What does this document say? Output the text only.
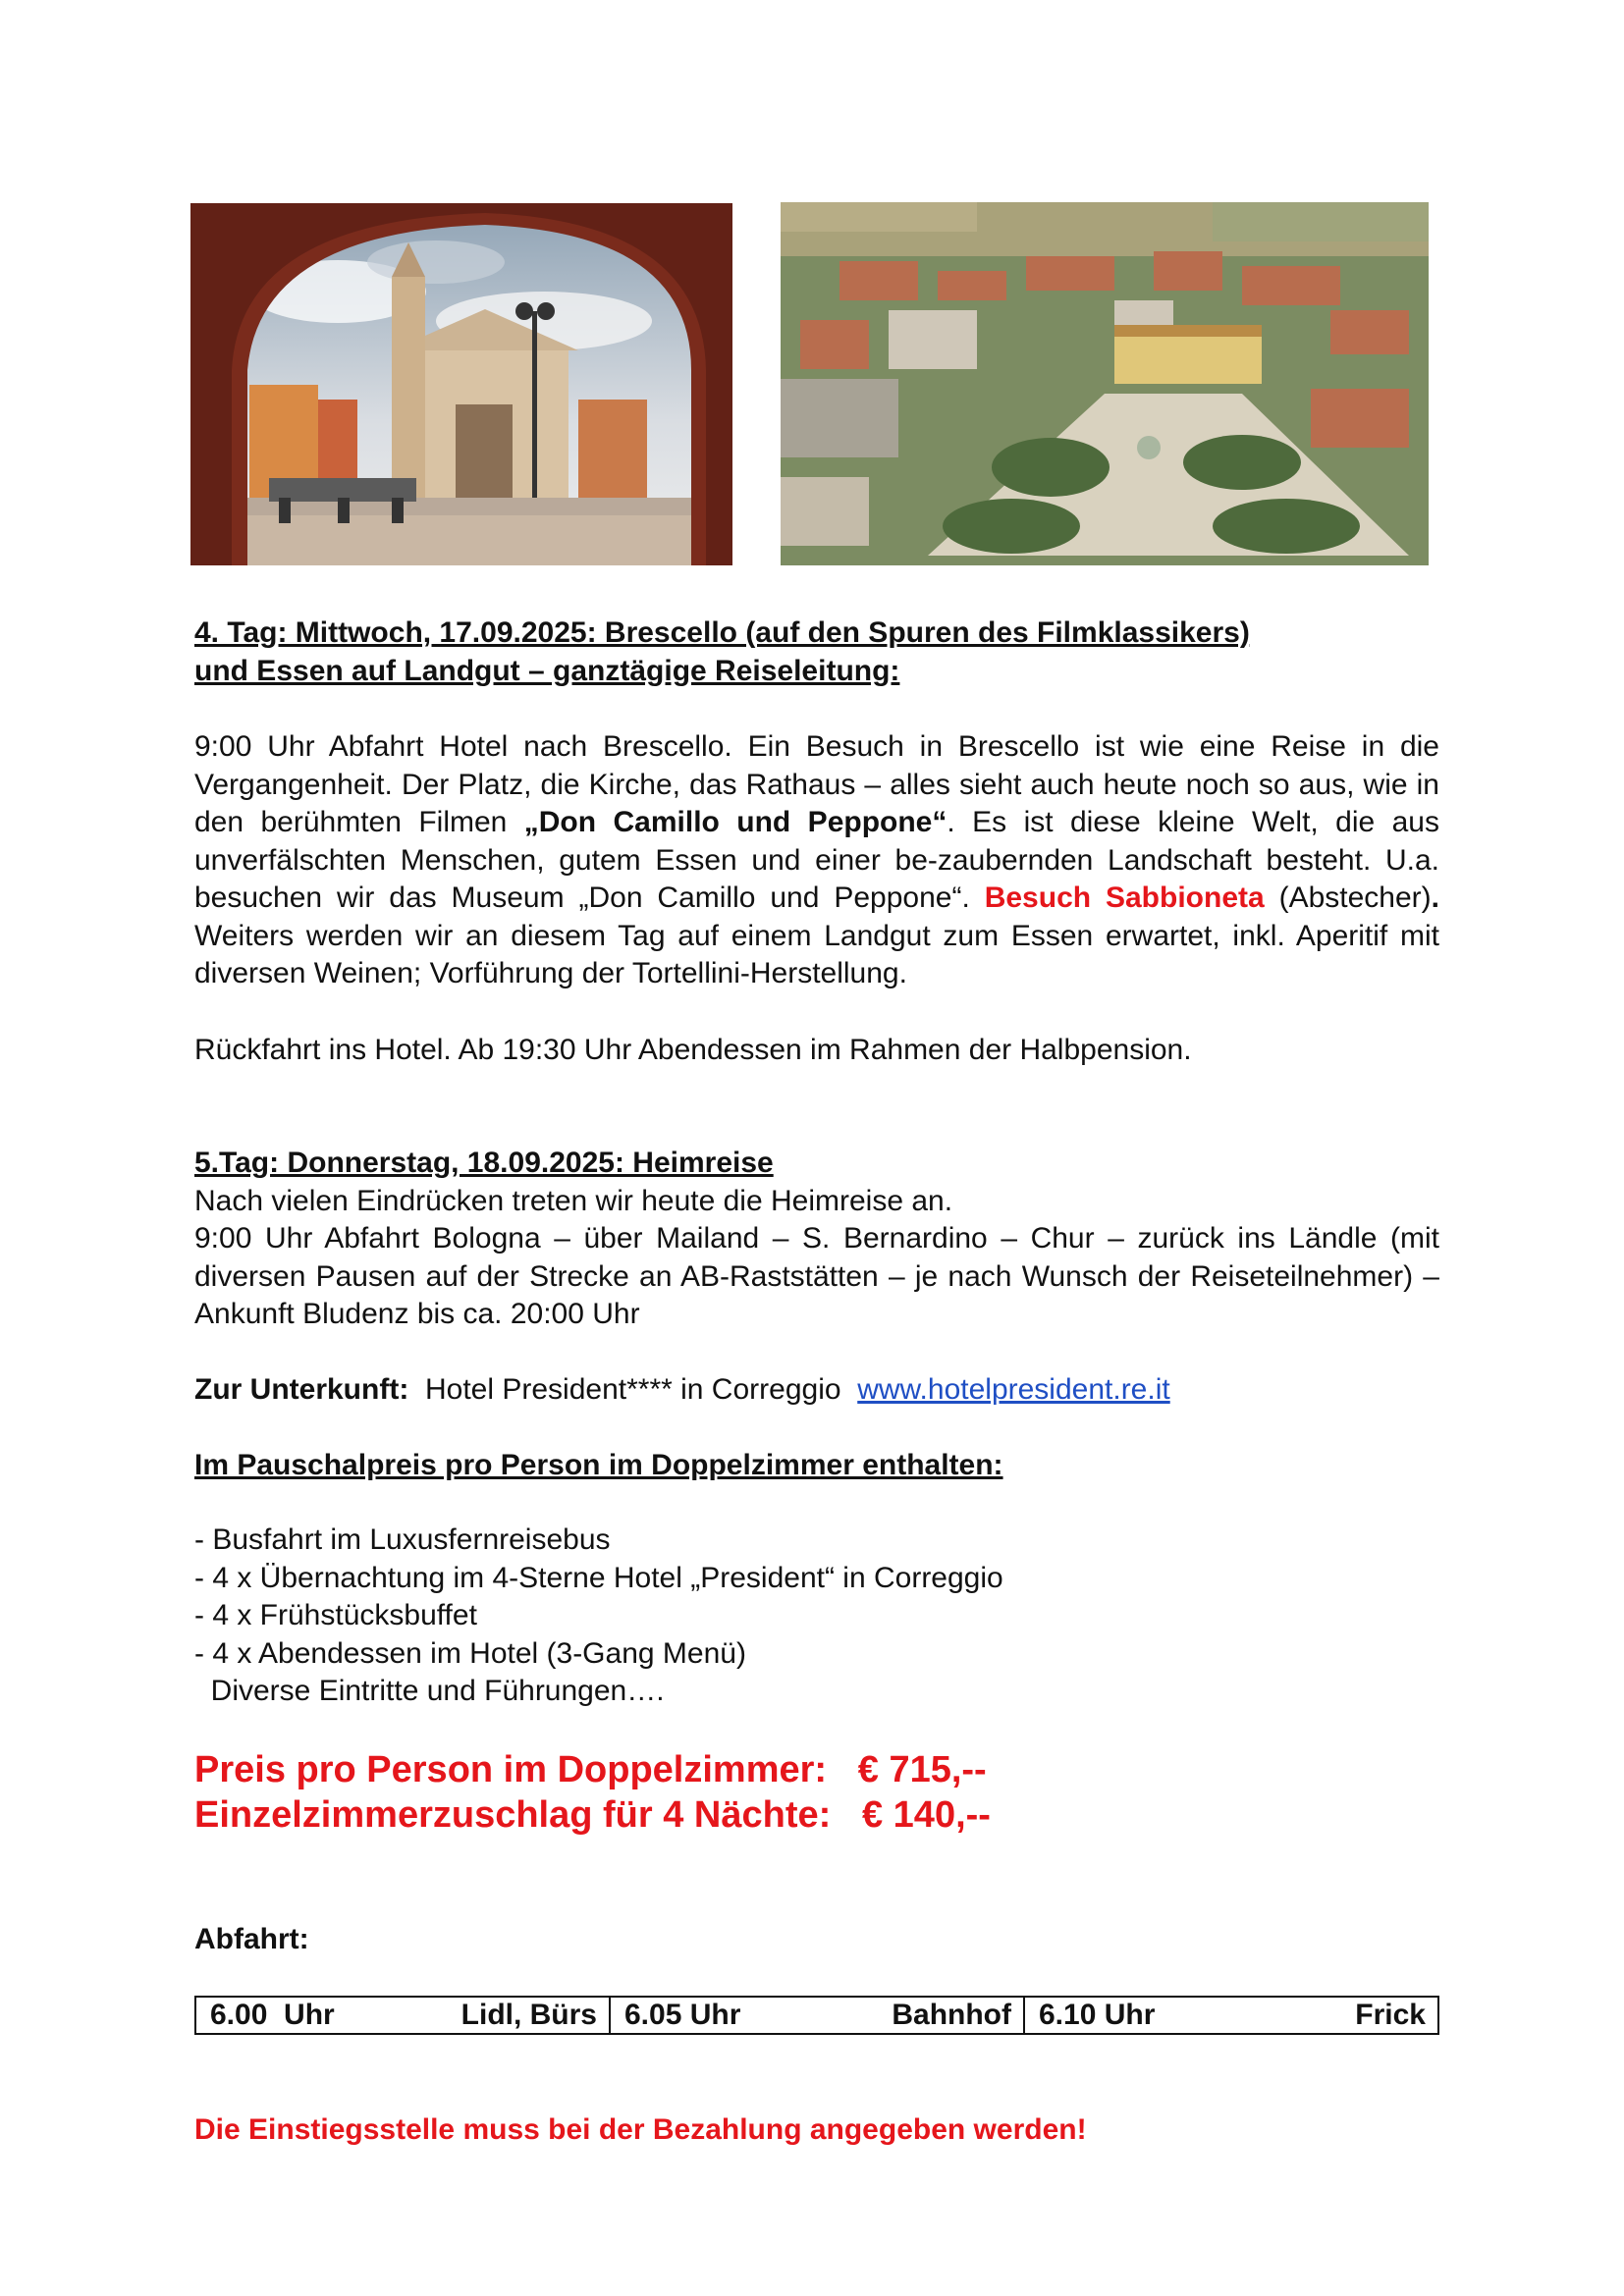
4. Tag: Mittwoch, 17.09.2025: Brescello (auf den Spuren des Filmklassikers)

und Essen auf Landgut – ganztägige Reiseleitung:

9:00 Uhr Abfahrt Hotel nach Brescello. Ein Besuch in Brescello ist wie eine Reise in die Vergangenheit. Der Platz, die Kirche, das Rathaus – alles sieht auch heute noch so aus, wie in den berühmten Filmen „Don Camillo und Peppone“. Es ist diese kleine Welt, die aus unverfälschten Menschen, gutem Essen und einer be-zaubernden Landschaft besteht. U.a. besuchen wir das Museum „Don Camillo und Peppone“. Besuch Sabbioneta (Abstecher). Weiters werden wir an diesem Tag auf einem Landgut zum Essen erwartet, inkl. Aperitif mit diversen Weinen; Vorführung der Tortellini-Herstellung.

Rückfahrt ins Hotel. Ab 19:30 Uhr Abendessen im Rahmen der Halbpension.

5.Tag: Donnerstag, 18.09.2025: Heimreise

Nach vielen Eindrücken treten wir heute die Heimreise an.

9:00 Uhr Abfahrt Bologna – über Mailand – S. Bernardino – Chur – zurück ins Ländle (mit diversen Pausen auf der Strecke an AB-Raststätten – je nach Wunsch der Reiseteilnehmer) – Ankunft Bludenz bis ca. 20:00 Uhr

Zur Unterkunft: Hotel President**** in Correggio www.hotelpresident.re.it

Im Pauschalpreis pro Person im Doppelzimmer enthalten:

- Busfahrt im Luxusfernreisebus
- 4 x Übernachtung im 4-Sterne Hotel „President“ in Correggio
- 4 x Frühstücksbuffet
- 4 x Abendessen im Hotel (3-Gang Menü)
Diverse Eintritte und Führungen….
Preis pro Person im Doppelzimmer: € 715,--
Einzelzimmerzuschlag für 4 Nächte: € 140,--
Abfahrt:
6.00  Uhr	Lidl, Bürs 6.05 Uhr	Bahnhof 6.10 Uhr	Frick
Die Einstiegsstelle muss bei der Bezahlung angegeben werden!
